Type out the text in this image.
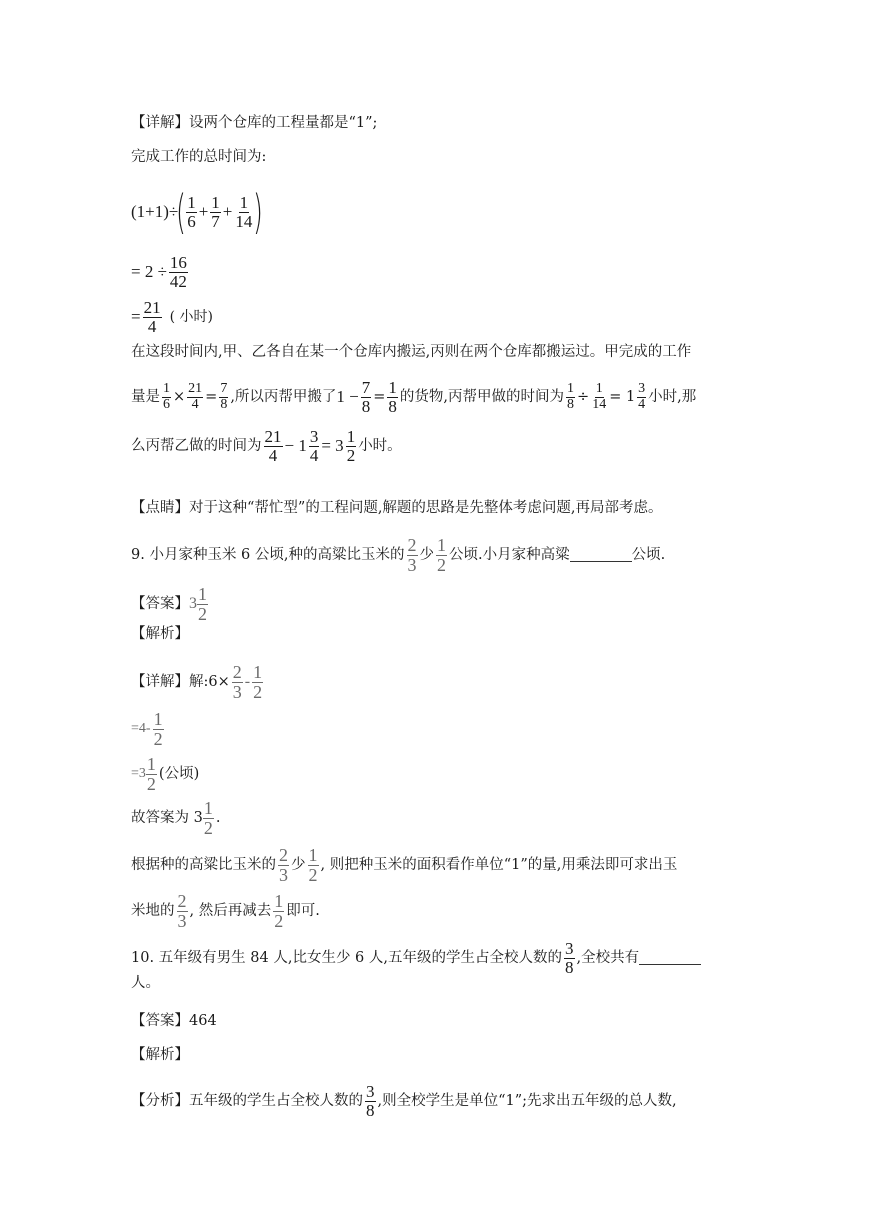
【详解】设两个仓库的工程量都是“1”;
完成工作的总时间为:
(1+1)÷
( $\frac{1}{6} + \frac{1}{7} + \frac{1}{14}$ )
= $2 \div \frac{16}{42}$
= $\frac{21}{4}$ ( 小时)
在这段时间内,甲、乙各自在某一个仓库内搬运,丙则在两个仓库都搬运过。甲完成的工作
量是 $\frac{1}{6} \times \frac{21}{4} = \frac{7}{8}$ ,所以丙帮甲搬了 $1 - \frac{7}{8} = \frac{1}{8}$ 的货物,丙帮甲做的时间为 $\frac{1}{8} \div \frac{1}{14} = 1 \frac{3}{4}$ 小时,那
么丙帮乙做的时间为 $\frac{21}{4} - 1 \frac{3}{4} = 3 \frac{1}{2}$ 小时。
【点睛】对于这种“帮忙型”的工程问题,解题的思路是先整体考虑问题,再局部考虑。
9. 小月家种玉米 6 公顷,种的高粱比玉米的 $\frac{2}{3}$ 少 $\frac{1}{2}$ 公顷.小月家种高粱	公顷.
【答案】 $3 \frac{1}{2}$
【解析】
【详解】解:6× $\frac{2}{3} - \frac{1}{2}$
$=4- \frac{1}{2}$
$=3 \frac{1}{2}$ (公顷)
故答案为 $3 \frac{1}{2}$ .
根据种的高粱比玉米的 $\frac{2}{3}$ 少 $\frac{1}{2}$ , 则把种玉米的面积看作单位“1”的量,用乘法即可求出玉
米地的 $\frac{2}{3}$ , 然后再减去 $\frac{1}{2}$ 即可.
10. 五年级有男生 84 人,比女生少 6 人,五年级的学生占全校人数的 $\frac{3}{8}$ ,全校共有
人。
【答案】464
【解析】
【分析】五年级的学生占全校人数的 $\frac{3}{8}$ ,则全校学生是单位“1”;先求出五年级的总人数,
